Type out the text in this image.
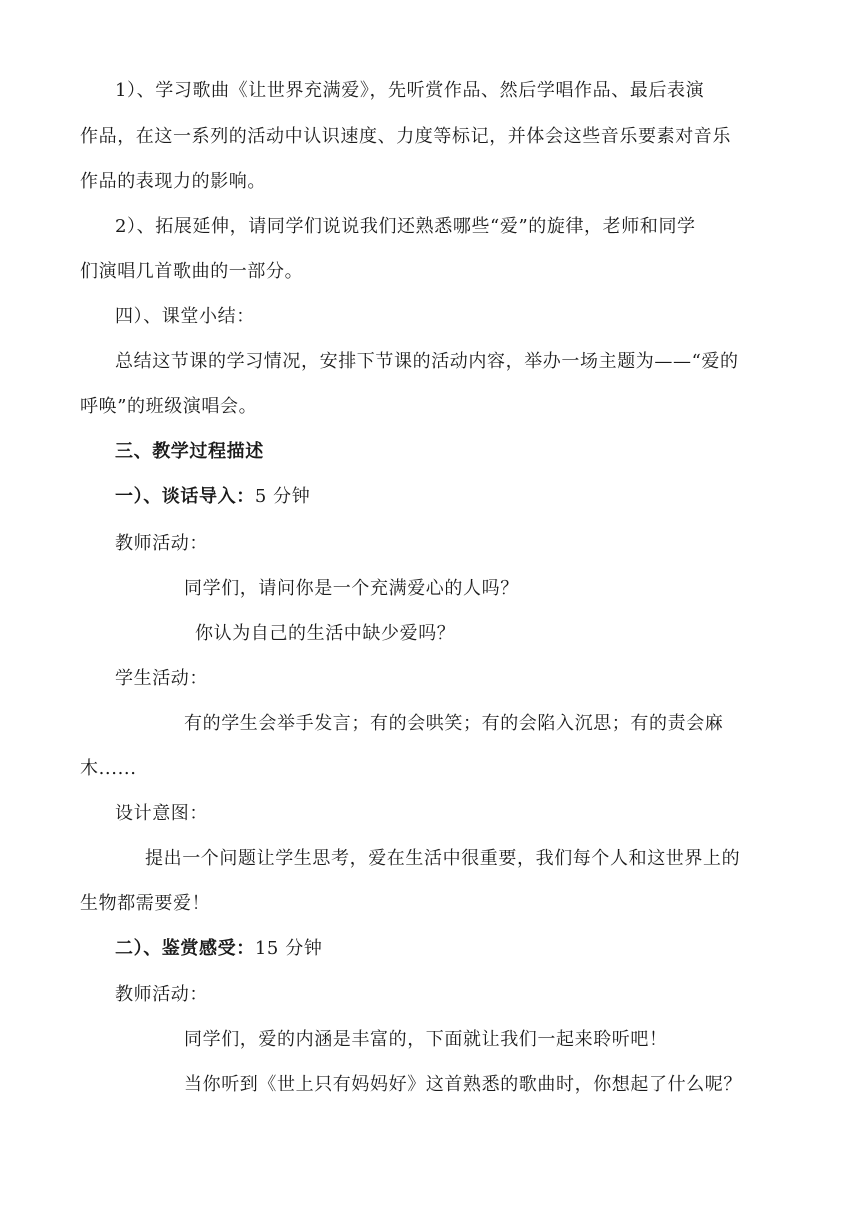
1）、学习歌曲《让世界充满爱》，先听赏作品、然后学唱作品、最后表演
作品，在这一系列的活动中认识速度、力度等标记，并体会这些音乐要素对音乐
作品的表现力的影响。
2）、拓展延伸，请同学们说说我们还熟悉哪些“爱”的旋律，老师和同学
们演唱几首歌曲的一部分。
四）、课堂小结：
总结这节课的学习情况，安排下节课的活动内容，举办一场主题为——“爱的
呼唤”的班级演唱会。
三、教学过程描述
一）、谈话导入：5 分钟
教师活动：
同学们，请问你是一个充满爱心的人吗？
你认为自己的生活中缺少爱吗？
学生活动：
有的学生会举手发言；有的会哄笑；有的会陷入沉思；有的责会麻
木......
设计意图：
提出一个问题让学生思考，爱在生活中很重要，我们每个人和这世界上的
生物都需要爱！
二）、鉴赏感受：15 分钟
教师活动：
同学们，爱的内涵是丰富的，下面就让我们一起来聆听吧！
当你听到《世上只有妈妈好》这首熟悉的歌曲时，你想起了什么呢？
